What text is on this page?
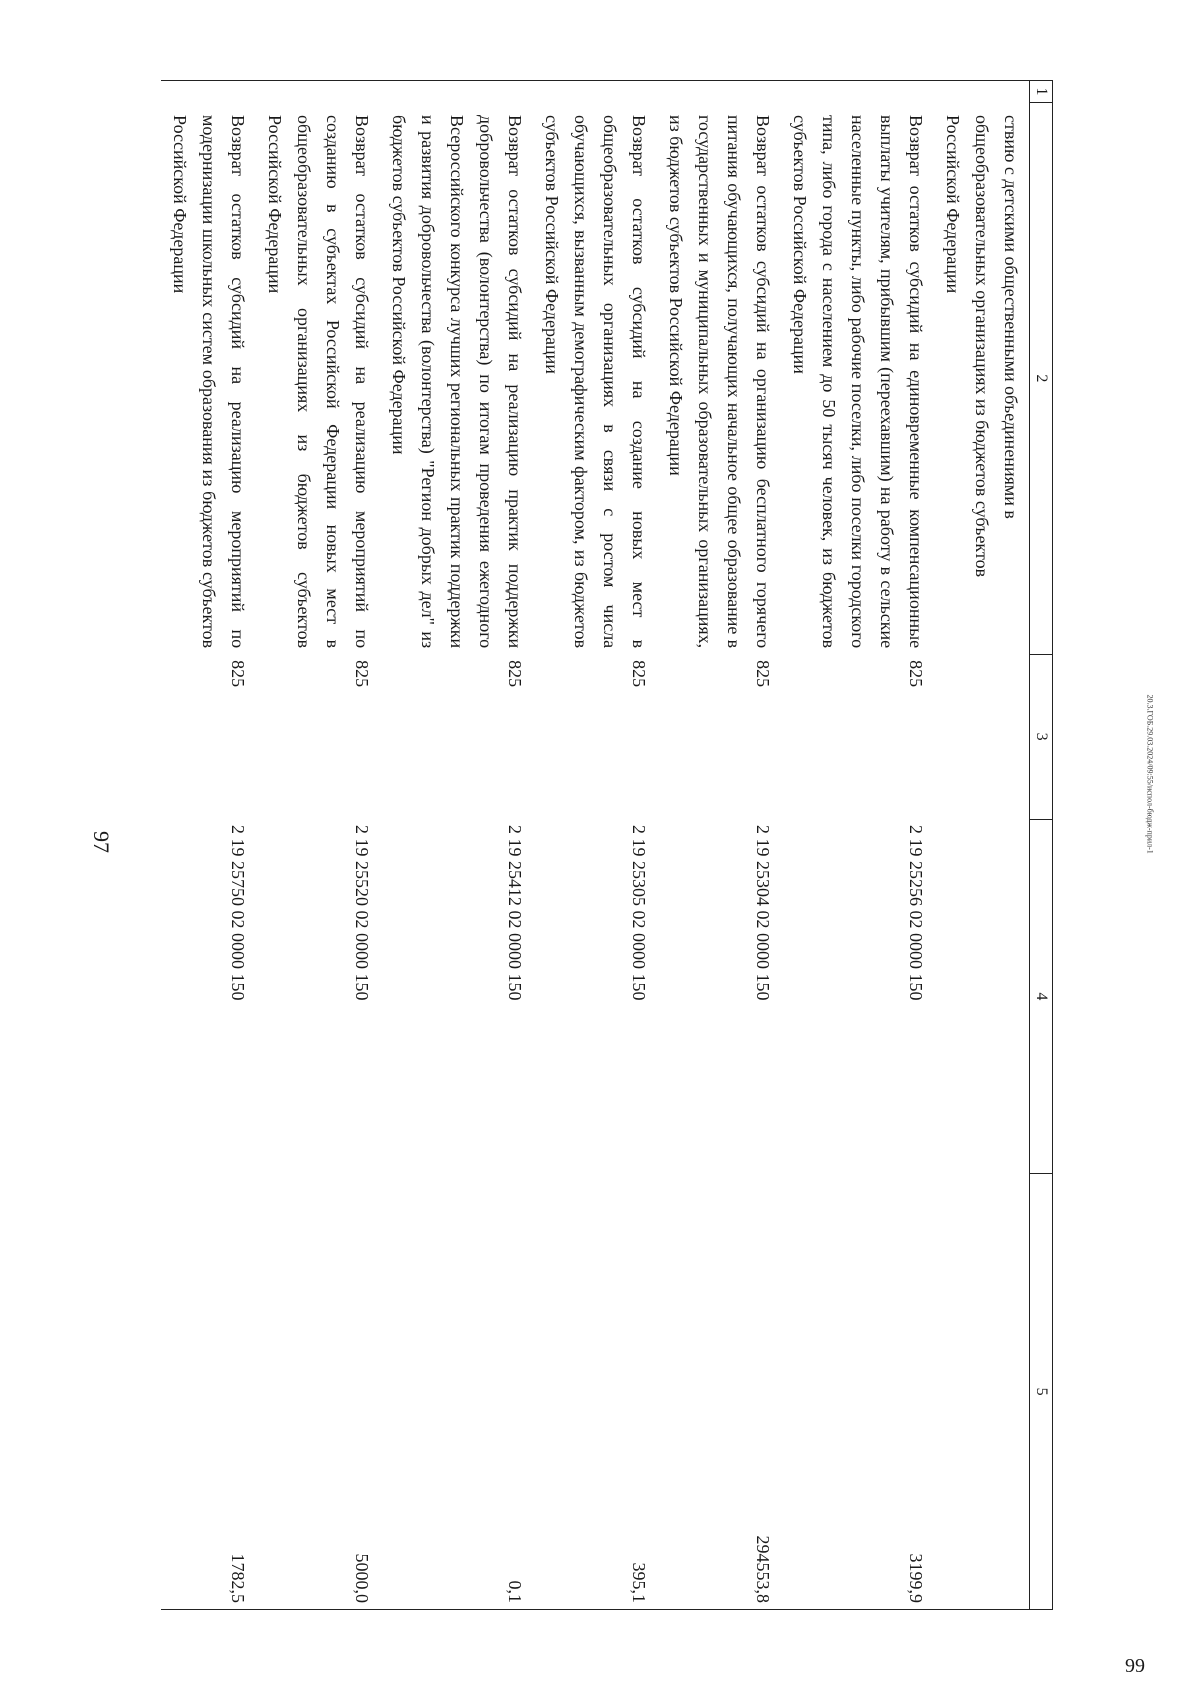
97
1	2	3	4	5
ствию с детскими общественными объединениями в общеобразовательных организациях из бюджетов субъектов Российской Федерации				
Возврат остатков субсидий на единовременные компенсационные выплаты учителям, прибывшим (переехавшим) на работу в сельские населенные пункты, либо рабочие поселки, либо поселки городского типа, либо города с населением до 50 тысяч человек, из бюджетов субъектов Российской Федерации		825	2 19 25256 02 0000 150	3199,9
Возврат остатков субсидий на организацию бесплатного горячего питания обучающихся, получающих начальное общее образование в государственных и муниципальных образовательных организациях, из бюджетов субъектов Российской Федерации		825	2 19 25304 02 0000 150	294553,8
Возврат остатков субсидий на создание новых мест в общеобразовательных организациях в связи с ростом числа обучающихся, вызванным демографическим фактором, из бюджетов субъектов Российской Федерации		825	2 19 25305 02 0000 150	395,1
Возврат остатков субсидий на реализацию практик поддержки добровольчества (волонтерства) по итогам проведения ежегодного Всероссийского конкурса лучших региональных практик поддержки и развития добровольчества (волонтерства) "Регион добрых дел" из бюджетов субъектов Российской Федерации		825	2 19 25412 02 0000 150	0,1
Возврат остатков субсидий на реализацию мероприятий по созданию в субъектах Российской Федерации новых мест в общеобразовательных организациях из бюджетов субъектов Российской Федерации		825	2 19 25520 02 0000 150	5000,0
Возврат остатков субсидий на реализацию мероприятий по модернизации школьных систем образования из бюджетов субъектов Российской Федерации		825	2 19 25750 02 0000 150	1782,5
20.3.ГОБ.29.03.2024/09:55/испол-бюдж-прил-1
99
